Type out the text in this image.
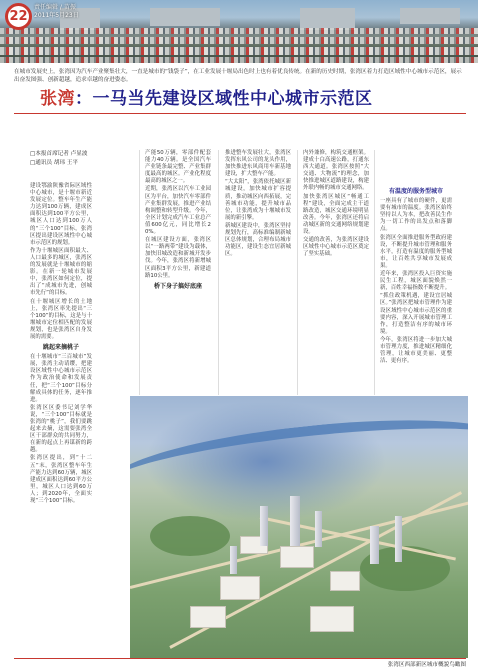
22
责任编辑 / 苗振
2011年5月23日
在城市发展史上，张湾因为汽车产业聚集壮大，一直是城市的“钱袋子”，在工业发展十堰局出色时上也有着优良传统。在新的历史时期，张湾区着力打造区域性中心城市示范区，展示出奋发图强、创新超越，追求卓越的奋进姿态。
张湾：一马当先建设区域性中心城市示范区
□本报首席记者 卢显波
□通讯员 胡玮 王平

建设鄂渝陕豫省际区域性中心城市，是十堰市新近发展定位。整车年生产能力达到100万辆，建成区面积达到100平方公里，城区人口达到100万人的“三个100”目标，张湾区提出建设区域性中心城市示范区的规划。

作为十堰城区面积最大、人口最多的城区，张湾区的发展就是十堰城市的缩影。在新一轮城市发展中，张湾区如何定位，提出了“成城市先进，创城市先行”的目标。

在十堰城区增长的土地上，张湾区率先提出“三个100”的目标，这是与十堰城市定位相匹配的发展规划，也是张湾区自身发展的需要。

跳起来摘桃子

在十堰城市“三百城市”发展，张湾主动请缨，把建设区域性中心城市示范区作为政治使命和发展责任，把“三个100”目标分解成具体的任务，逐年推进。

张湾区区委书记刘学华说，“三个100”目标就是张湾的“桃子”，我们要跳起来去摘，这需要张湾全区干部群众的共同努力，在新的起点上再谋新的跨越。

张湾区提出，到“十二五”末，张湾区整车年生产能力达到60万辆，城区建成区面积达到60平方公里，城区人口达到60万人；到2020年，全面实现“三个100”目标。

产能50万辆，零部件配套能力40万辆。是全国汽车产业链条最完整、产业集群度最高的城区。产业化程度最高的城区之一。

近期，张湾区以汽车工业园区为平台，加快汽车零部件产业集群发展，推进产业结构调整和转型升级。今年，全区计划完成汽车工业总产值600亿元，同比增长20%。

在城区建设方面，张湾区以“一路两带”建设为载体，加快旧城改造和新城开发步伐。今年，张湾区将新增城区面积3平方公里，新建道路10公里。

桥下身子搞好底座

推进整车发展壮大，张湾区发挥东风公司的龙头作用，加快推进东风商用车新基地建设，扩大整车产能。

“大太阳”，张湾依托城区新城建设，加快城市扩容提质，推动城区向西拓展，完善城市功能，提升城市品位，让张湾成为十堰城市发展的新引擎。

新城区建设中，张湾区坚持规划先行，高标准编制新城区总体规划，合理布局城市功能区，建设生态宜居新城区。

内外兼修，构筑交通框架。建成十白高速公路，打通东西大通道。张湾区按照“大交通、大物流”的理念，加快推进城区道路建设，构建外联内畅的城市交通网络。

加快张湾区城区“畅通工程”建设，全面完成主干道路改造，城区交通环境明显改善。今年，张湾区还将启动城区新的交通网络规划建设。

交通的改善，为张湾区建设区域性中心城市示范区奠定了坚实基础。

有温度的服务型城市

一座具有了城市的硬件，更需要有城市的温度。张湾区始终坚持以人为本，把改善民生作为一切工作的出发点和落脚点。

张湾区全面推进服务型政府建设，不断提升城市管理和服务水平，打造有温度的服务型城市，让百姓共享城市发展成果。

近年来，张湾区投入巨资实施民生工程，城区面貌焕然一新，百姓幸福指数不断提升。

“抓住政策机遇，建设宜居城区。”张湾区把城市管理作为建设区域性中心城市示范区的重要内容，深入开展城市管理工作，打造整洁有序的城市环境。

今年，张湾区将进一步加大城市管理力度，推进城区精细化管理，让城市更美丽、更整洁、更有序。

张湾区西部新区城市概貌鸟瞰图
